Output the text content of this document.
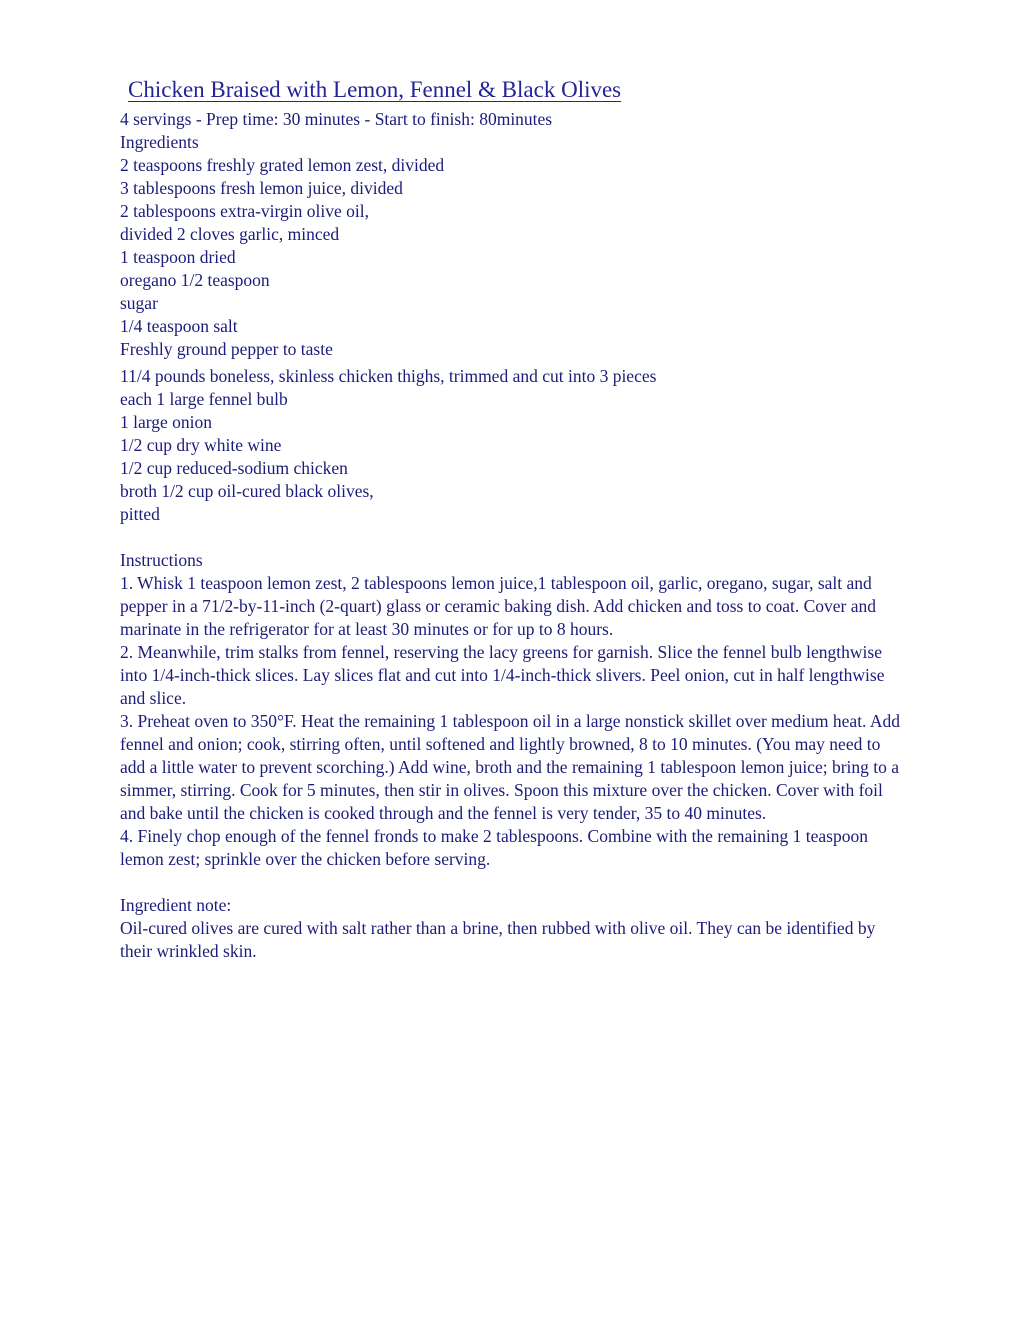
Chicken Braised with Lemon, Fennel & Black Olives
4 servings - Prep time: 30 minutes - Start to finish: 80minutes
Ingredients
2 teaspoons freshly grated lemon zest, divided
3 tablespoons fresh lemon juice, divided
2 tablespoons extra-virgin olive oil,
divided 2 cloves garlic, minced
1 teaspoon dried
oregano 1/2 teaspoon
sugar
1/4 teaspoon salt
Freshly ground pepper to taste
11/4 pounds boneless, skinless chicken thighs, trimmed and cut into 3 pieces
each 1 large fennel bulb
1 large onion
1/2 cup dry white wine
1/2 cup reduced-sodium chicken
broth 1/2 cup oil-cured black olives,
pitted
Instructions
1. Whisk 1 teaspoon lemon zest, 2 tablespoons lemon juice,1 tablespoon oil, garlic, oregano, sugar, salt and pepper in a 71/2-by-11-inch (2-quart) glass or ceramic baking dish. Add chicken and toss to coat. Cover and marinate in the refrigerator for at least 30 minutes or for up to 8 hours.
2. Meanwhile, trim stalks from fennel, reserving the lacy greens for garnish. Slice the fennel bulb lengthwise into 1/4-inch-thick slices. Lay slices flat and cut into 1/4-inch-thick slivers. Peel onion, cut in half lengthwise and slice.
3. Preheat oven to 350°F. Heat the remaining 1 tablespoon oil in a large nonstick skillet over medium heat. Add fennel and onion; cook, stirring often, until softened and lightly browned, 8 to 10 minutes. (You may need to add a little water to prevent scorching.) Add wine, broth and the remaining 1 tablespoon lemon juice; bring to a simmer, stirring. Cook for 5 minutes, then stir in olives. Spoon this mixture over the chicken. Cover with foil and bake until the chicken is cooked through and the fennel is very tender, 35 to 40 minutes.
4. Finely chop enough of the fennel fronds to make 2 tablespoons. Combine with the remaining 1 teaspoon lemon zest; sprinkle over the chicken before serving.
Ingredient note:
Oil-cured olives are cured with salt rather than a brine, then rubbed with olive oil. They can be identified by their wrinkled skin.
